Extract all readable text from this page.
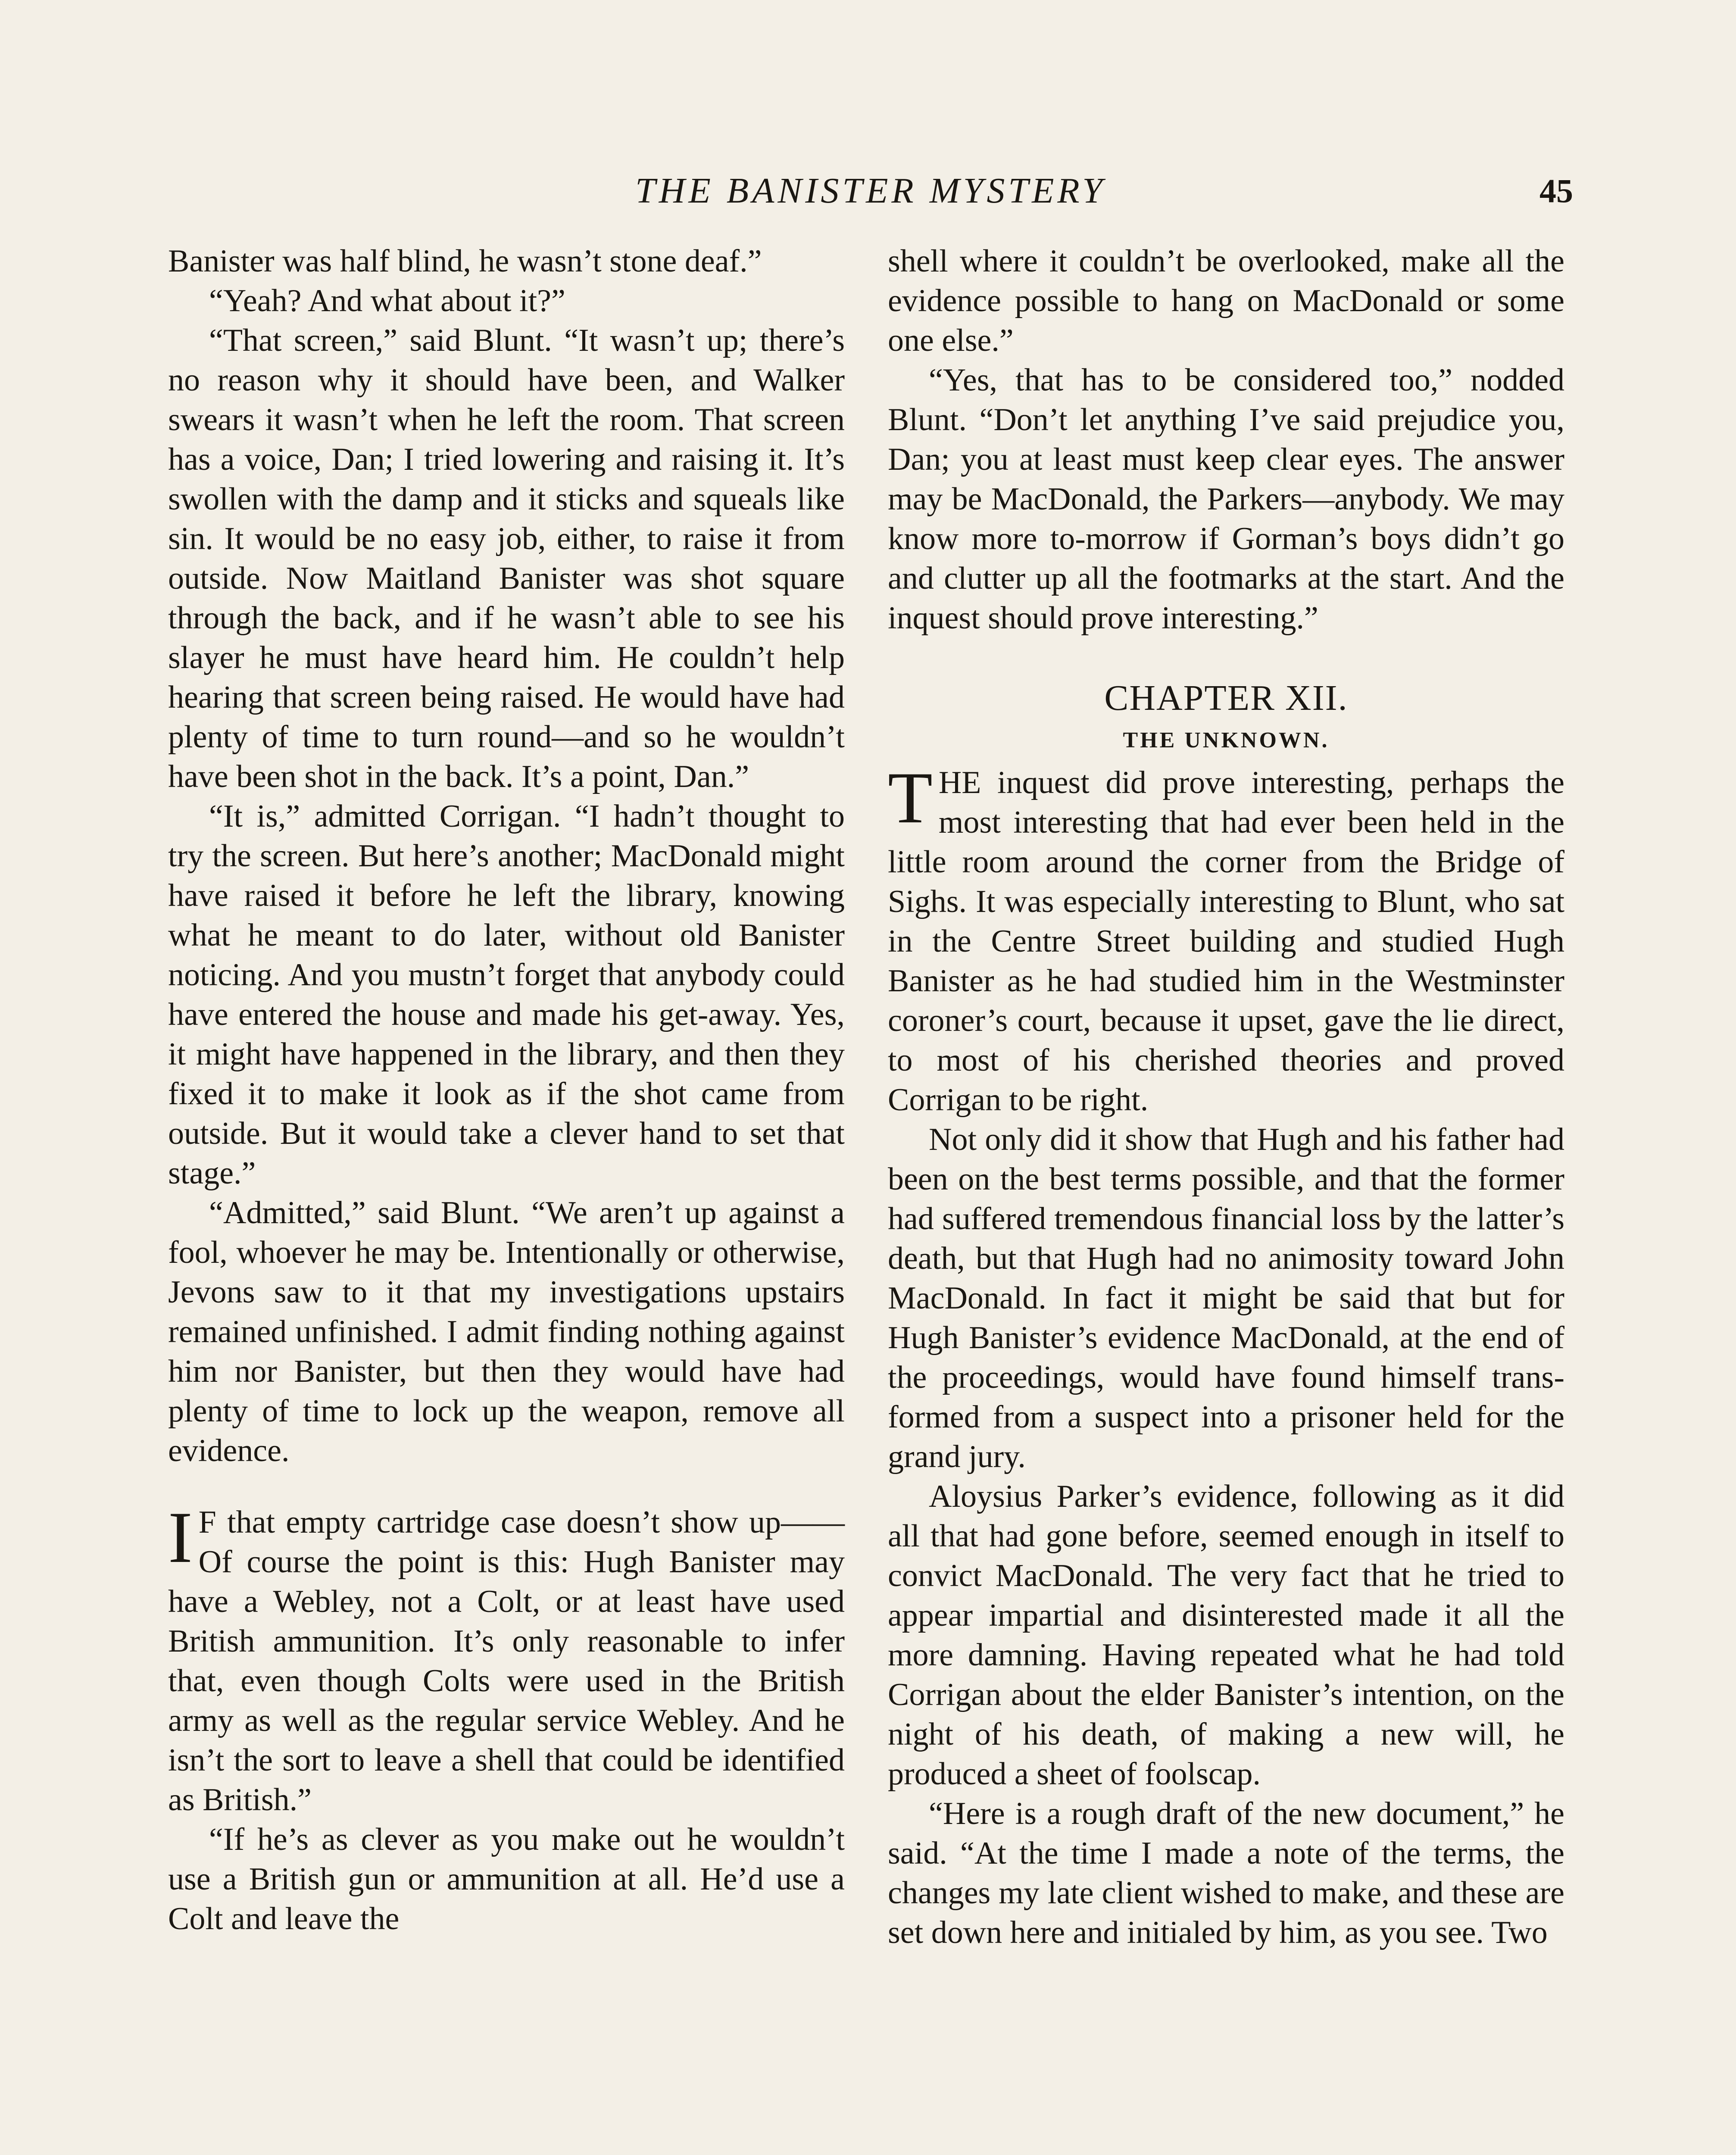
THE BANISTER MYSTERY	45

Banister was half blind, he wasn’t stone deaf.”

“Yeah? And what about it?”

“That screen,” said Blunt. “It wasn’t up; there’s no reason why it should have been, and Walker swears it wasn’t when he left the room. That screen has a voice, Dan; I tried lowering and raising it. It’s swollen with the damp and it sticks and squeals like sin. It would be no easy job, either, to raise it from outside. Now Maitland Banister was shot square through the back, and if he wasn’t able to see his slayer he must have heard him. He couldn’t help hearing that screen being raised. He would have had plenty of time to turn round—and so he wouldn’t have been shot in the back. It’s a point, Dan.”

“It is,” admitted Corrigan. “I hadn’t thought to try the screen. But here’s another; MacDonald might have raised it before he left the library, knowing what he meant to do later, without old Banister noticing. And you mustn’t forget that anybody could have entered the house and made his get-away. Yes, it might have happened in the library, and then they fixed it to make it look as if the shot came from outside. But it would take a clever hand to set that stage.”

“Admitted,” said Blunt. “We aren’t up against a fool, whoever he may be. Intentionally or otherwise, Jevons saw to it that my investigations upstairs remained unfinished. I admit finding nothing against him nor Banister, but then they would have had plenty of time to lock up the weapon, remove all evidence.

I F that empty cartridge case doesn’t show up—— Of course the point is this: Hugh Banister may have a Webley, not a Colt, or at least have used British ammunition. It’s only reasonable to infer that, even though Colts were used in the British army as well as the regular service Webley. And he isn’t the sort to leave a shell that could be identified as British.”

“If he’s as clever as you make out he wouldn’t use a British gun or ammunition at all. He’d use a Colt and leave the

shell where it couldn’t be overlooked, make all the evidence possible to hang on MacDonald or some one else.”

“Yes, that has to be considered too,” nodded Blunt. “Don’t let anything I’ve said prejudice you, Dan; you at least must keep clear eyes. The answer may be MacDonald, the Parkers—anybody. We may know more to-morrow if Gorman’s boys didn’t go and clutter up all the footmarks at the start. And the inquest should prove interesting.”

CHAPTER XII.
THE UNKNOWN.

THE inquest did prove interesting, perhaps the most interesting that had ever been held in the little room around the corner from the Bridge of Sighs. It was especially interesting to Blunt, who sat in the Centre Street building and studied Hugh Banister as he had studied him in the Westminster coroner’s court, because it upset, gave the lie direct, to most of his cherished theories and proved Corrigan to be right.

Not only did it show that Hugh and his father had been on the best terms possible, and that the former had suffered tremendous financial loss by the latter’s death, but that Hugh had no animosity toward John MacDonald. In fact it might be said that but for Hugh Banister’s evidence MacDonald, at the end of the proceedings, would have found himself transformed from a suspect into a prisoner held for the grand jury.

Aloysius Parker’s evidence, following as it did all that had gone before, seemed enough in itself to convict MacDonald. The very fact that he tried to appear impartial and disinterested made it all the more damning. Having repeated what he had told Corrigan about the elder Banister’s intention, on the night of his death, of making a new will, he produced a sheet of foolscap.

“Here is a rough draft of the new document,” he said. “At the time I made a note of the terms, the changes my late client wished to make, and these are set down here and initialed by him, as you see. Two
